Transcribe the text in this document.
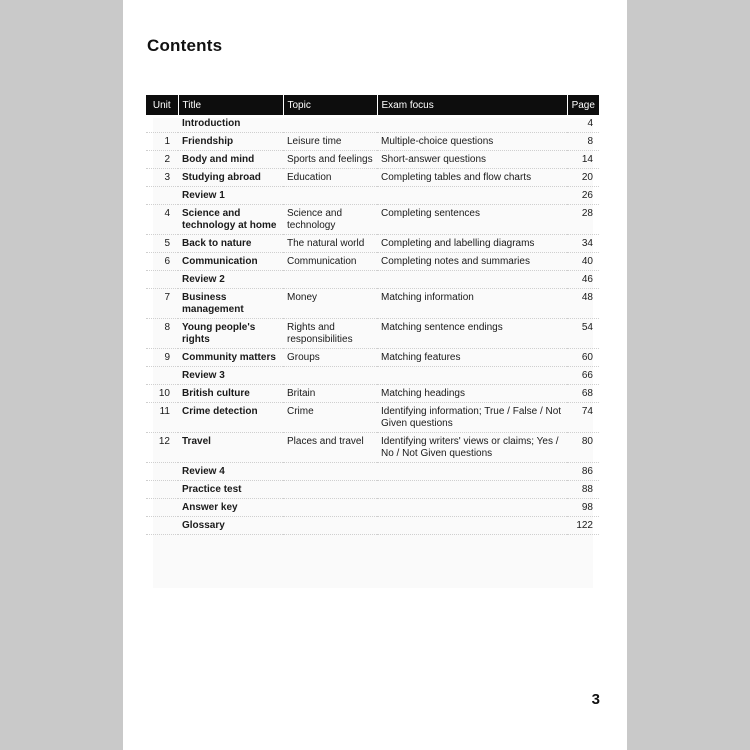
Contents
Unit	Title	Topic	Exam focus	Page
	Introduction			4
1	Friendship	Leisure time	Multiple-choice questions	8
2	Body and mind	Sports and feelings	Short-answer questions	14
3	Studying abroad	Education	Completing tables and flow charts	20
	Review 1			26
4	Science and technology at home	Science and technology	Completing sentences	28
5	Back to nature	The natural world	Completing and labelling diagrams	34
6	Communication	Communication	Completing notes and summaries	40
	Review 2			46
7	Business management	Money	Matching information	48
8	Young people's rights	Rights and responsibilities	Matching sentence endings	54
9	Community matters	Groups	Matching features	60
	Review 3			66
10	British culture	Britain	Matching headings	68
11	Crime detection	Crime	Identifying information; True / False / Not Given questions	74
12	Travel	Places and travel	Identifying writers' views or claims; Yes / No / Not Given questions	80
	Review 4			86
	Practice test			88
	Answer key			98
	Glossary			122
3
